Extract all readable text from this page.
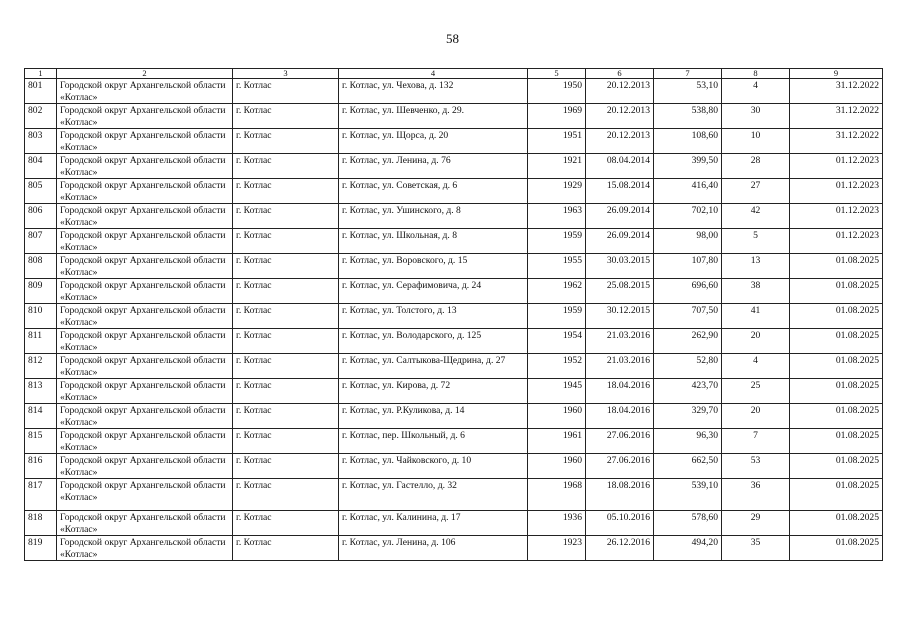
58
1	2	3	4	5	6	7	8	9
801	Городской округ Архангельской области «Котлас»	г. Котлас	г. Котлас, ул. Чехова, д. 132	1950	20.12.2013	53,10	4	31.12.2022
802	Городской округ Архангельской области «Котлас»	г. Котлас	г. Котлас, ул. Шевченко, д. 29.	1969	20.12.2013	538,80	30	31.12.2022
803	Городской округ Архангельской области «Котлас»	г. Котлас	г. Котлас, ул. Щорса, д. 20	1951	20.12.2013	108,60	10	31.12.2022
804	Городской округ Архангельской области «Котлас»	г. Котлас	г. Котлас, ул. Ленина, д. 76	1921	08.04.2014	399,50	28	01.12.2023
805	Городской округ Архангельской области «Котлас»	г. Котлас	г. Котлас, ул. Советская, д. 6	1929	15.08.2014	416,40	27	01.12.2023
806	Городской округ Архангельской области «Котлас»	г. Котлас	г. Котлас, ул. Ушинского, д. 8	1963	26.09.2014	702,10	42	01.12.2023
807	Городской округ Архангельской области «Котлас»	г. Котлас	г. Котлас, ул. Школьная, д. 8	1959	26.09.2014	98,00	5	01.12.2023
808	Городской округ Архангельской области «Котлас»	г. Котлас	г. Котлас, ул. Воровского, д. 15	1955	30.03.2015	107,80	13	01.08.2025
809	Городской округ Архангельской области «Котлас»	г. Котлас	г. Котлас, ул. Серафимовича, д. 24	1962	25.08.2015	696,60	38	01.08.2025
810	Городской округ Архангельской области «Котлас»	г. Котлас	г. Котлас, ул. Толстого, д. 13	1959	30.12.2015	707,50	41	01.08.2025
811	Городской округ Архангельской области «Котлас»	г. Котлас	г. Котлас, ул. Володарского, д. 125	1954	21.03.2016	262,90	20	01.08.2025
812	Городской округ Архангельской области «Котлас»	г. Котлас	г. Котлас, ул. Салтыкова-Щедрина, д. 27	1952	21.03.2016	52,80	4	01.08.2025
813	Городской округ Архангельской области «Котлас»	г. Котлас	г. Котлас, ул. Кирова, д. 72	1945	18.04.2016	423,70	25	01.08.2025
814	Городской округ Архангельской области «Котлас»	г. Котлас	г. Котлас, ул. Р.Куликова, д. 14	1960	18.04.2016	329,70	20	01.08.2025
815	Городской округ Архангельской области «Котлас»	г. Котлас	г. Котлас, пер. Школьный, д. 6	1961	27.06.2016	96,30	7	01.08.2025
816	Городской округ Архангельской области «Котлас»	г. Котлас	г. Котлас, ул. Чайковского, д. 10	1960	27.06.2016	662,50	53	01.08.2025
817	Городской округ Архангельской области «Котлас»	г. Котлас	г. Котлас, ул. Гастелло, д. 32	1968	18.08.2016	539,10	36	01.08.2025
818	Городской округ Архангельской области «Котлас»	г. Котлас	г. Котлас, ул. Калинина, д. 17	1936	05.10.2016	578,60	29	01.08.2025
819	Городской округ Архангельской области «Котлас»	г. Котлас	г. Котлас, ул. Ленина, д. 106	1923	26.12.2016	494,20	35	01.08.2025
